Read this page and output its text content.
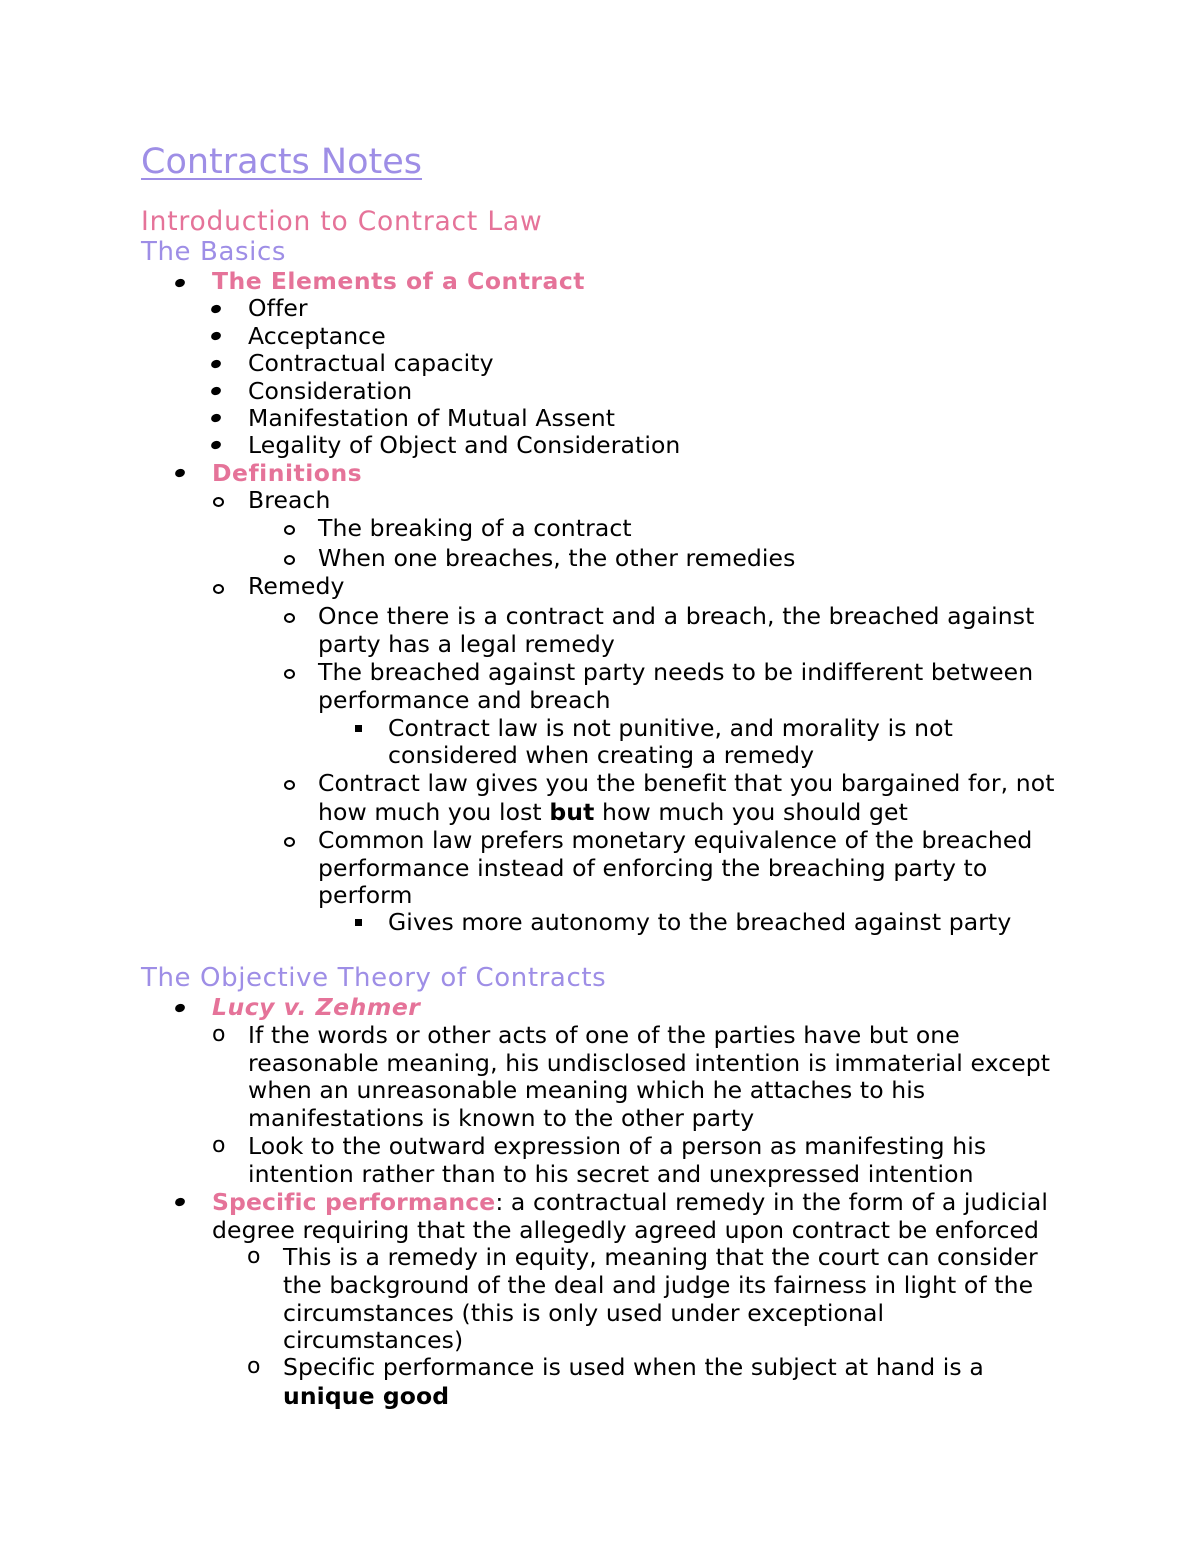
Contracts Notes
Introduction to Contract Law
The Basics
The Elements of a Contract
Offer
Acceptance
Contractual capacity
Consideration
Manifestation of Mutual Assent
Legality of Object and Consideration
Definitions
Breach
The breaking of a contract
When one breaches, the other remedies
Remedy
Once there is a contract and a breach, the breached against
party has a legal remedy
The breached against party needs to be indifferent between
performance and breach
Contract law is not punitive, and morality is not
considered when creating a remedy
Contract law gives you the benefit that you bargained for, not
how much you lost but how much you should get
Common law prefers monetary equivalence of the breached
performance instead of enforcing the breaching party to
perform
Gives more autonomy to the breached against party
The Objective Theory of Contracts
Lucy v. Zehmer
o If the words or other acts of one of the parties have but one
reasonable meaning, his undisclosed intention is immaterial except
when an unreasonable meaning which he attaches to his
manifestations is known to the other party
o Look to the outward expression of a person as manifesting his
intention rather than to his secret and unexpressed intention
Specific performance: a contractual remedy in the form of a judicial
degree requiring that the allegedly agreed upon contract be enforced
o This is a remedy in equity, meaning that the court can consider
the background of the deal and judge its fairness in light of the
circumstances (this is only used under exceptional
circumstances)
o Specific performance is used when the subject at hand is a
unique good
